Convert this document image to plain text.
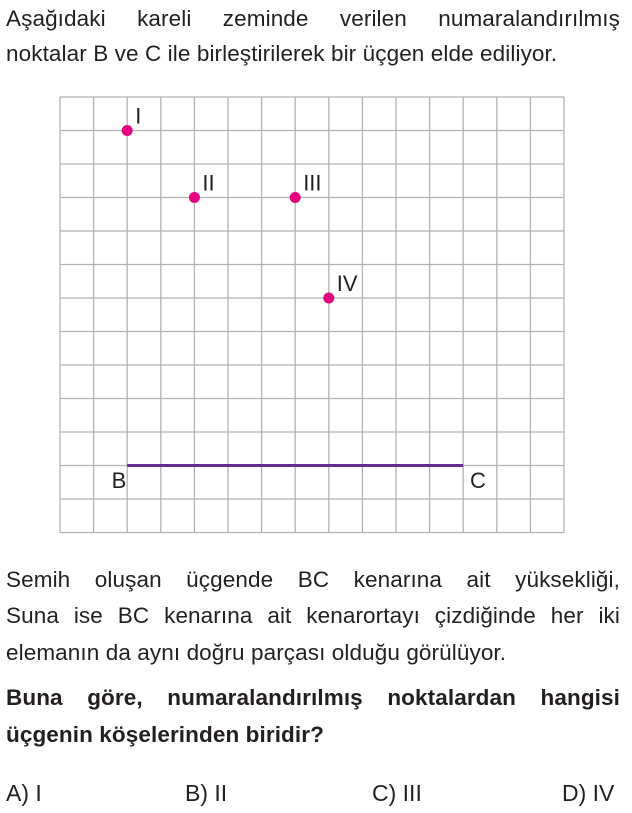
Aşağıdaki kareli zeminde verilen numaralandırılmış
noktalar B ve C ile birleştirilerek bir üçgen elde ediliyor.
I
II	III
IV
B	C
Semih oluşan üçgende BC kenarına ait yüksekliği,
Suna ise BC kenarına ait kenarortayı çizdiğinde her iki
elemanın da aynı doğru parçası olduğu görülüyor.
Buna göre, numaralandırılmış noktalardan hangisi
üçgenin köşelerinden biridir?
A) I	B) II	C) III	D) IV
